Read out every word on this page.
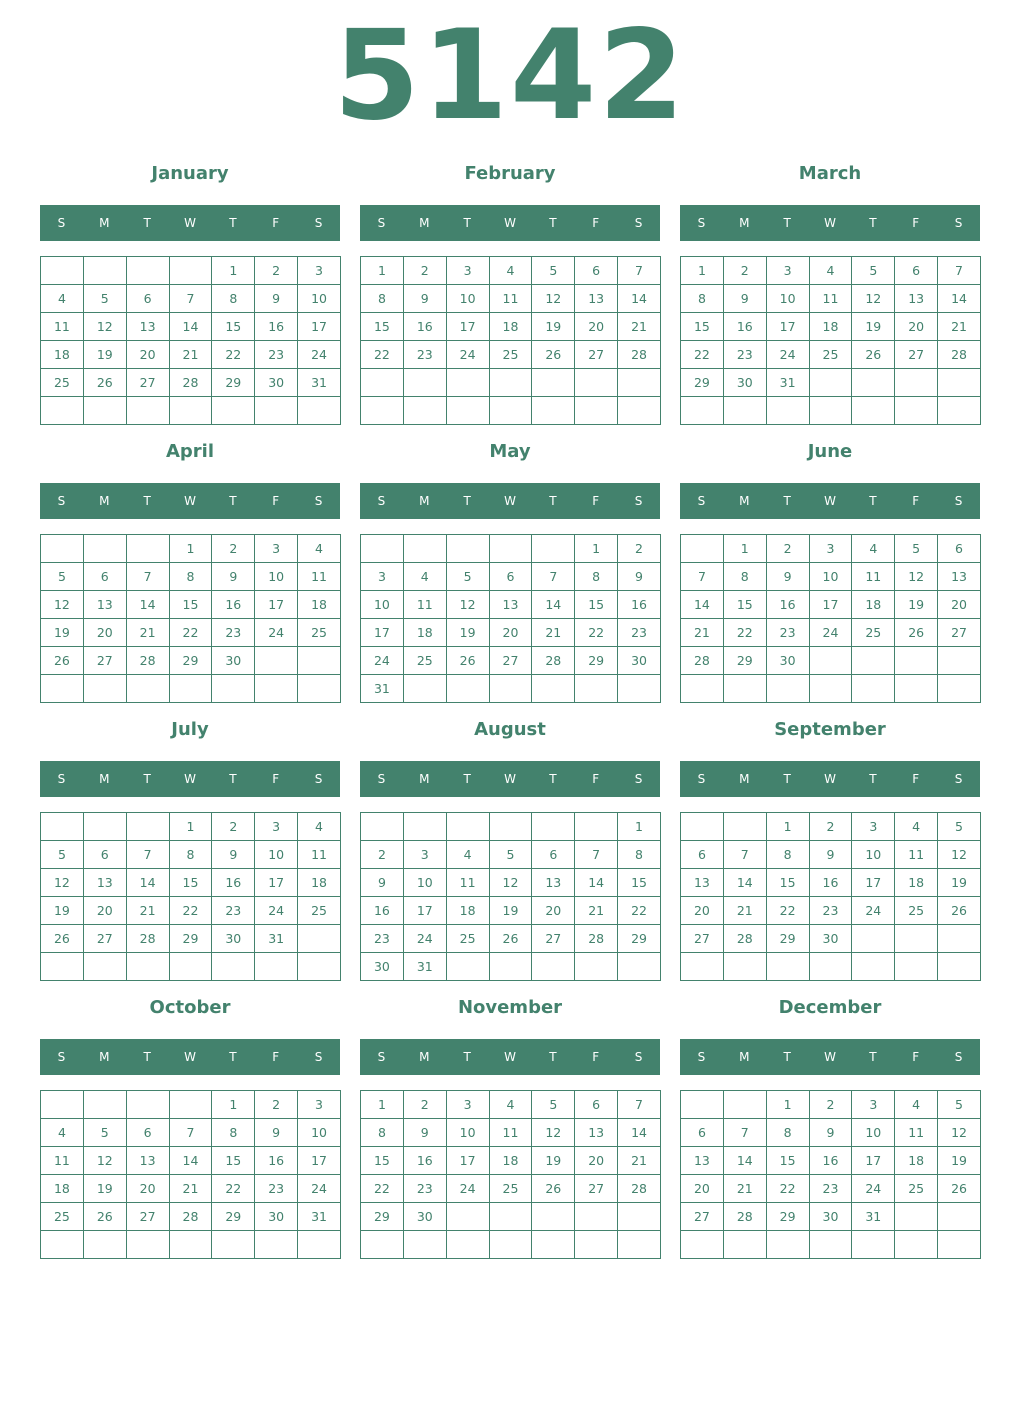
5142
January
S	M	T	W	T	F	S
				1	2	3
4	5	6	7	8	9	10
11	12	13	14	15	16	17
18	19	20	21	22	23	24
25	26	27	28	29	30	31

February
S	M	T	W	T	F	S
1	2	3	4	5	6	7
8	9	10	11	12	13	14
15	16	17	18	19	20	21
22	23	24	25	26	27	28

March
S	M	T	W	T	F	S
1	2	3	4	5	6	7
8	9	10	11	12	13	14
15	16	17	18	19	20	21
22	23	24	25	26	27	28
29	30	31				

April
S	M	T	W	T	F	S
			1	2	3	4
5	6	7	8	9	10	11
12	13	14	15	16	17	18
19	20	21	22	23	24	25
26	27	28	29	30		

May
S	M	T	W	T	F	S
					1	2
3	4	5	6	7	8	9
10	11	12	13	14	15	16
17	18	19	20	21	22	23
24	25	26	27	28	29	30
31						
June
S	M	T	W	T	F	S
	1	2	3	4	5	6
7	8	9	10	11	12	13
14	15	16	17	18	19	20
21	22	23	24	25	26	27
28	29	30				

July
S	M	T	W	T	F	S
			1	2	3	4
5	6	7	8	9	10	11
12	13	14	15	16	17	18
19	20	21	22	23	24	25
26	27	28	29	30	31	

August
S	M	T	W	T	F	S
						1
2	3	4	5	6	7	8
9	10	11	12	13	14	15
16	17	18	19	20	21	22
23	24	25	26	27	28	29
30	31					
September
S	M	T	W	T	F	S
		1	2	3	4	5
6	7	8	9	10	11	12
13	14	15	16	17	18	19
20	21	22	23	24	25	26
27	28	29	30			

October
S	M	T	W	T	F	S
				1	2	3
4	5	6	7	8	9	10
11	12	13	14	15	16	17
18	19	20	21	22	23	24
25	26	27	28	29	30	31

November
S	M	T	W	T	F	S
1	2	3	4	5	6	7
8	9	10	11	12	13	14
15	16	17	18	19	20	21
22	23	24	25	26	27	28
29	30					

December
S	M	T	W	T	F	S
		1	2	3	4	5
6	7	8	9	10	11	12
13	14	15	16	17	18	19
20	21	22	23	24	25	26
27	28	29	30	31		
